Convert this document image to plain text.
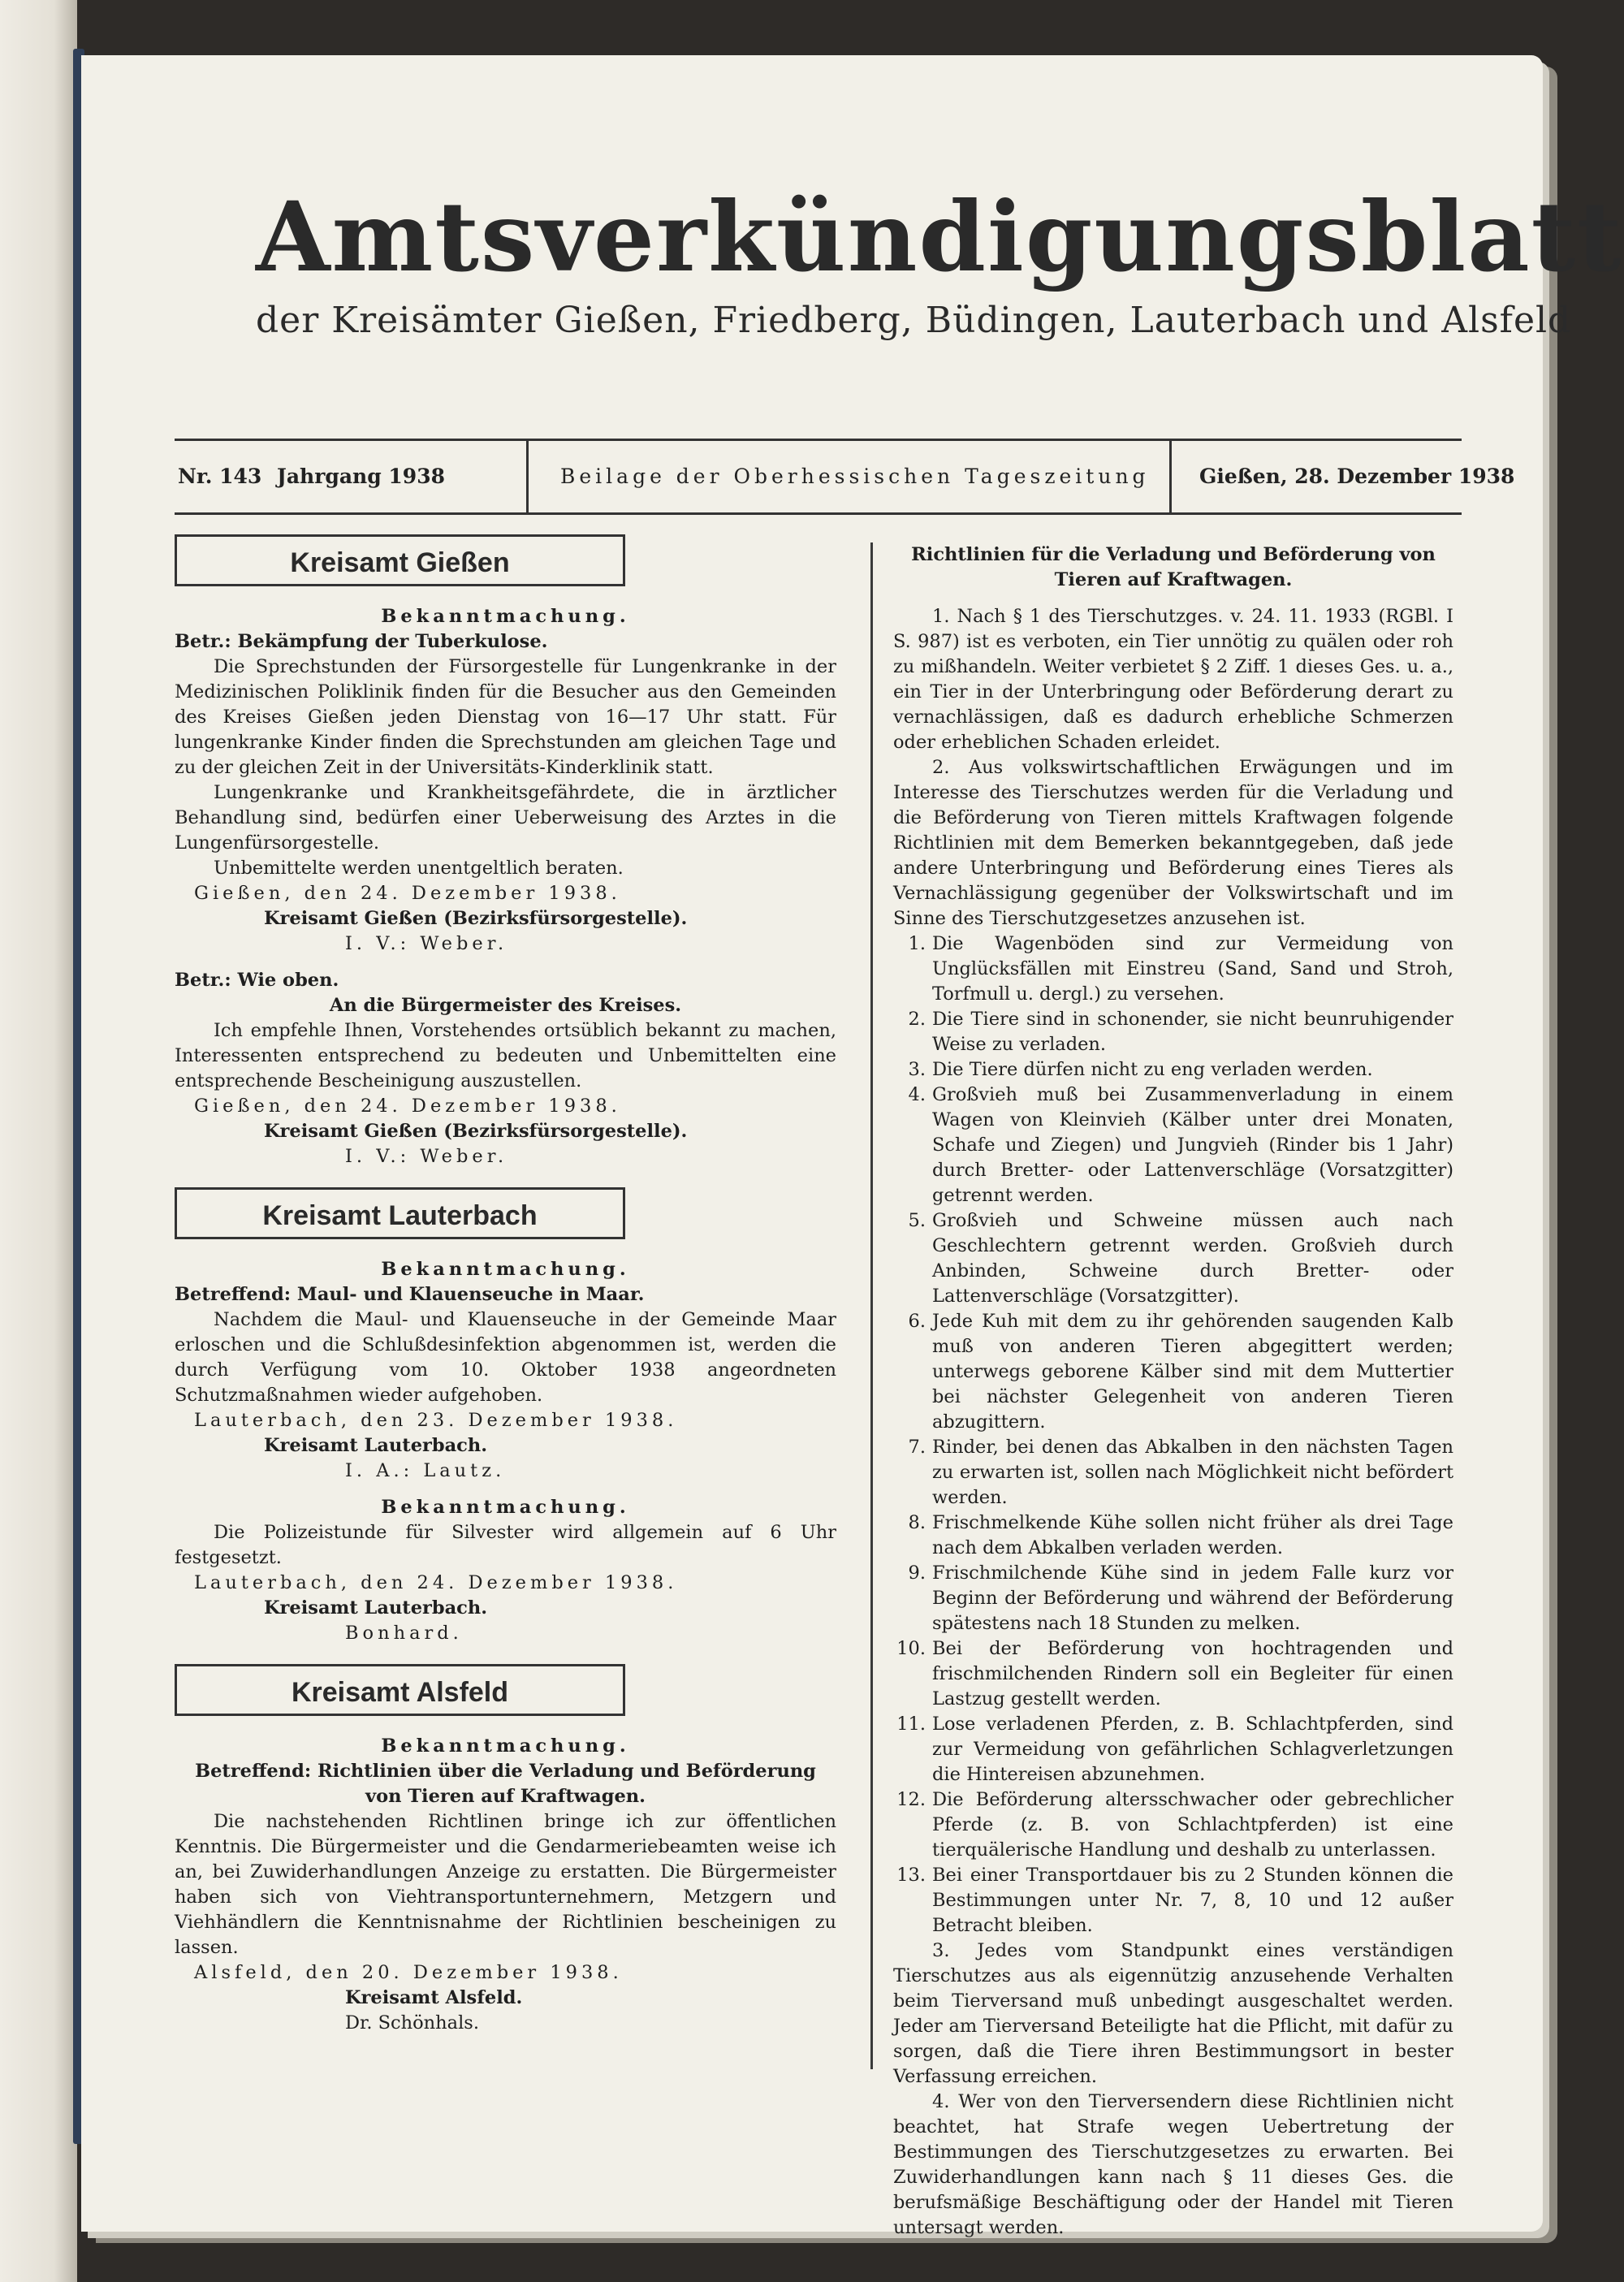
Amtsverkündigungsblatt
der Kreisämter Gießen, Friedberg, Büdingen, Lauterbach und Alsfeld
Nr. 143 Jahrgang 1938	Beilage der Oberhessischen Tageszeitung Gießen, 28. Dezember 1938
Kreisamt Gießen

Bekanntmachung.

Betr.: Bekämpfung der Tuberkulose.

Die Sprechstunden der Fürsorgestelle für Lungenkranke in der Medizinischen Poliklinik finden für die Besucher aus den Gemeinden des Kreises Gießen jeden Dienstag von 16—17 Uhr statt. Für lungenkranke Kinder finden die Sprechstunden am gleichen Tage und zu der gleichen Zeit in der Universitäts-Kinderklinik statt.

Lungenkranke und Krankheitsgefährdete, die in ärztlicher Behandlung sind, bedürfen einer Ueberweisung des Arztes in die Lungenfürsorgestelle.

Unbemittelte werden unentgeltlich beraten.

Gießen, den 24. Dezember 1938.

Kreisamt Gießen (Bezirksfürsorgestelle).

I. V.: Weber.

Betr.: Wie oben.

An die Bürgermeister des Kreises.

Ich empfehle Ihnen, Vorstehendes ortsüblich bekannt zu machen, Interessenten entsprechend zu bedeuten und Unbemittelten eine entsprechende Bescheinigung auszustellen.

Gießen, den 24. Dezember 1938.

Kreisamt Gießen (Bezirksfürsorgestelle).

I. V.: Weber.

Kreisamt Lauterbach

Bekanntmachung.

Betreffend: Maul- und Klauenseuche in Maar.

Nachdem die Maul- und Klauenseuche in der Gemeinde Maar erloschen und die Schlußdesinfektion abgenommen ist, werden die durch Verfügung vom 10. Oktober 1938 angeordneten Schutzmaßnahmen wieder aufgehoben.

Lauterbach, den 23. Dezember 1938.

Kreisamt Lauterbach.

I. A.: Lautz.

Bekanntmachung.

Die Polizeistunde für Silvester wird allgemein auf 6 Uhr festgesetzt.

Lauterbach, den 24. Dezember 1938.

Kreisamt Lauterbach.

Bonhard.

Kreisamt Alsfeld

Bekanntmachung.

Betreffend: Richtlinien über die Verladung und Beförderung von Tieren auf Kraftwagen.

Die nachstehenden Richtlinen bringe ich zur öffentlichen Kenntnis. Die Bürgermeister und die Gendarmeriebeamten weise ich an, bei Zuwiderhandlungen Anzeige zu erstatten. Die Bürgermeister haben sich von Viehtransportunternehmern, Metzgern und Viehhändlern die Kenntnisnahme der Richtlinien bescheinigen zu lassen.

Alsfeld, den 20. Dezember 1938.

Kreisamt Alsfeld.

Dr. Schönhals.

Richtlinien für die Verladung und Beförderung von Tieren auf Kraftwagen.

1. Nach § 1 des Tierschutzges. v. 24. 11. 1933 (RGBl. I S. 987) ist es verboten, ein Tier unnötig zu quälen oder roh zu mißhandeln. Weiter verbietet § 2 Ziff. 1 dieses Ges. u. a., ein Tier in der Unterbringung oder Beförderung derart zu vernachlässigen, daß es dadurch erhebliche Schmerzen oder erheblichen Schaden erleidet.

2. Aus volkswirtschaftlichen Erwägungen und im Interesse des Tierschutzes werden für die Verladung und die Beförderung von Tieren mittels Kraftwagen folgende Richtlinien mit dem Bemerken bekanntgegeben, daß jede andere Unterbringung und Beförderung eines Tieres als Vernachlässigung gegenüber der Volkswirtschaft und im Sinne des Tierschutzgesetzes anzusehen ist.

1. Die Wagenböden sind zur Vermeidung von Unglücksfällen mit Einstreu (Sand, Sand und Stroh, Torfmull u. dergl.) zu versehen.
2. Die Tiere sind in schonender, sie nicht beunruhigender Weise zu verladen.
3. Die Tiere dürfen nicht zu eng verladen werden.
4. Großvieh muß bei Zusammenverladung in einem Wagen von Kleinvieh (Kälber unter drei Monaten, Schafe und Ziegen) und Jungvieh (Rinder bis 1 Jahr) durch Bretter- oder Lattenverschläge (Vorsatzgitter) getrennt werden.
5. Großvieh und Schweine müssen auch nach Geschlechtern getrennt werden. Großvieh durch Anbinden, Schweine durch Bretter- oder Lattenverschläge (Vorsatzgitter).
6. Jede Kuh mit dem zu ihr gehörenden saugenden Kalb muß von anderen Tieren abgegittert werden; unterwegs geborene Kälber sind mit dem Muttertier bei nächster Gelegenheit von anderen Tieren abzugittern.
7. Rinder, bei denen das Abkalben in den nächsten Tagen zu erwarten ist, sollen nach Möglichkeit nicht befördert werden.
8. Frischmelkende Kühe sollen nicht früher als drei Tage nach dem Abkalben verladen werden.
9. Frischmilchende Kühe sind in jedem Falle kurz vor Beginn der Beförderung und während der Beförderung spätestens nach 18 Stunden zu melken.
10. Bei der Beförderung von hochtragenden und frischmilchenden Rindern soll ein Begleiter für einen Lastzug gestellt werden.
11. Lose verladenen Pferden, z. B. Schlachtpferden, sind zur Vermeidung von gefährlichen Schlagverletzungen die Hintereisen abzunehmen.
12. Die Beförderung altersschwacher oder gebrechlicher Pferde (z. B. von Schlachtpferden) ist eine tierquälerische Handlung und deshalb zu unterlassen.
13. Bei einer Transportdauer bis zu 2 Stunden können die Bestimmungen unter Nr. 7, 8, 10 und 12 außer Betracht bleiben.

3. Jedes vom Standpunkt eines verständigen Tierschutzes aus als eigennützig anzusehende Verhalten beim Tierversand muß unbedingt ausgeschaltet werden. Jeder am Tierversand Beteiligte hat die Pflicht, mit dafür zu sorgen, daß die Tiere ihren Bestimmungsort in bester Verfassung erreichen.

4. Wer von den Tierversendern diese Richtlinien nicht beachtet, hat Strafe wegen Uebertretung der Bestimmungen des Tierschutzgesetzes zu erwarten. Bei Zuwiderhandlungen kann nach § 11 dieses Ges. die berufsmäßige Beschäftigung oder der Handel mit Tieren untersagt werden.
